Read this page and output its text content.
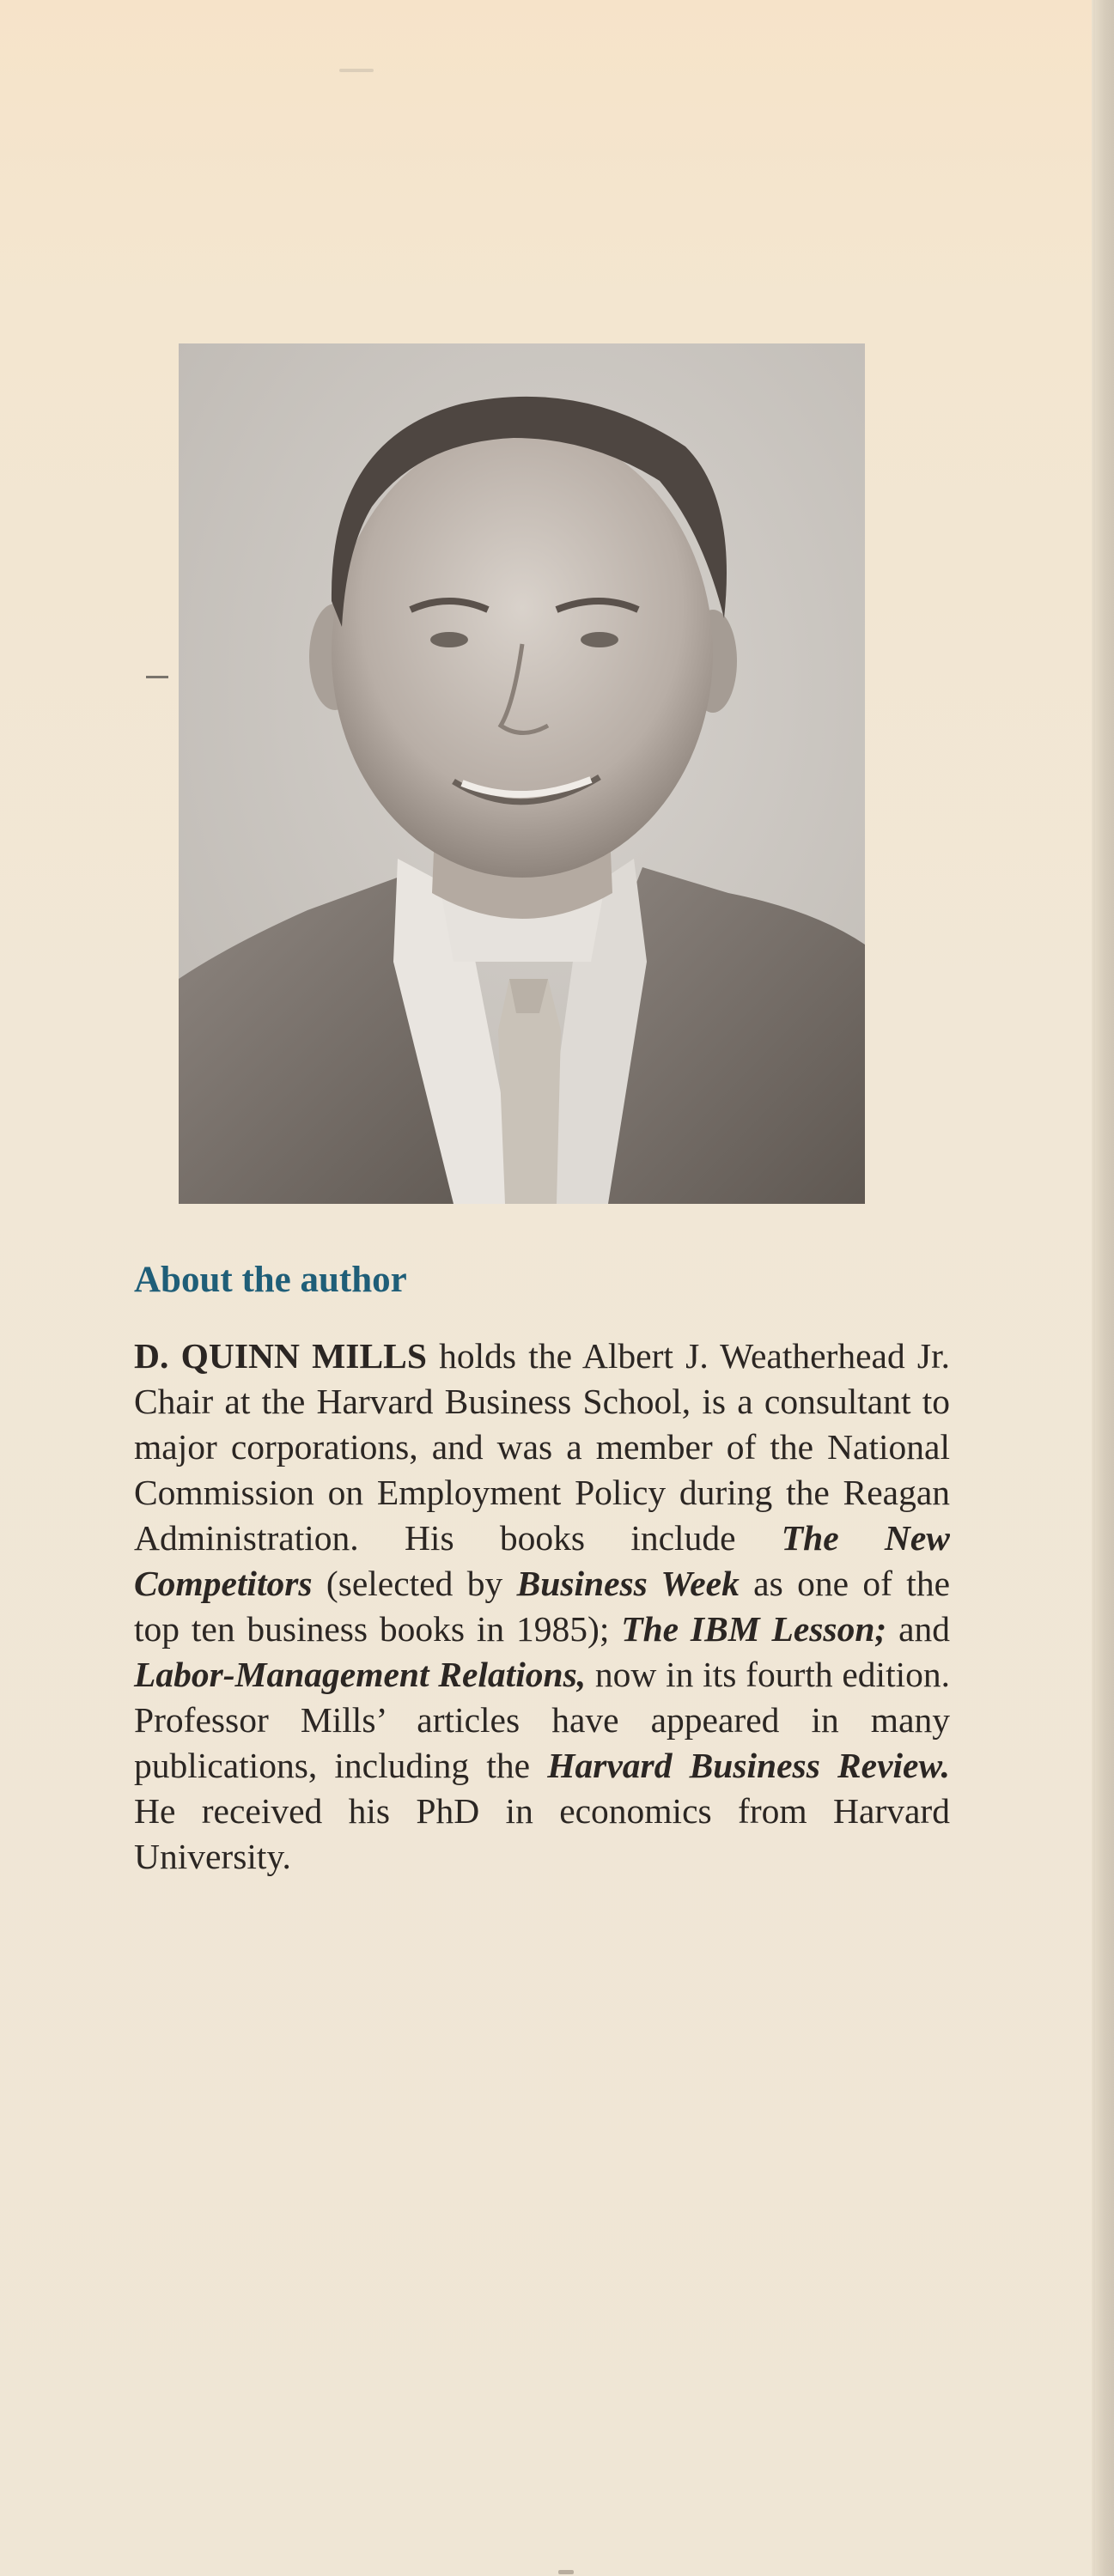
About the author

D. QUINN MILLS holds the Albert J. Weatherhead Jr. Chair at the Harvard Business School, is a consultant to major corporations, and was a member of the National Commission on Employment Policy during the Reagan Administration. His books include The New Competitors (selected by Business Week as one of the top ten business books in 1985); The IBM Lesson; and Labor-Management Relations, now in its fourth edition. Professor Mills’ articles have appeared in many publications, including the Harvard Business Review. He received his PhD in economics from Harvard University.
